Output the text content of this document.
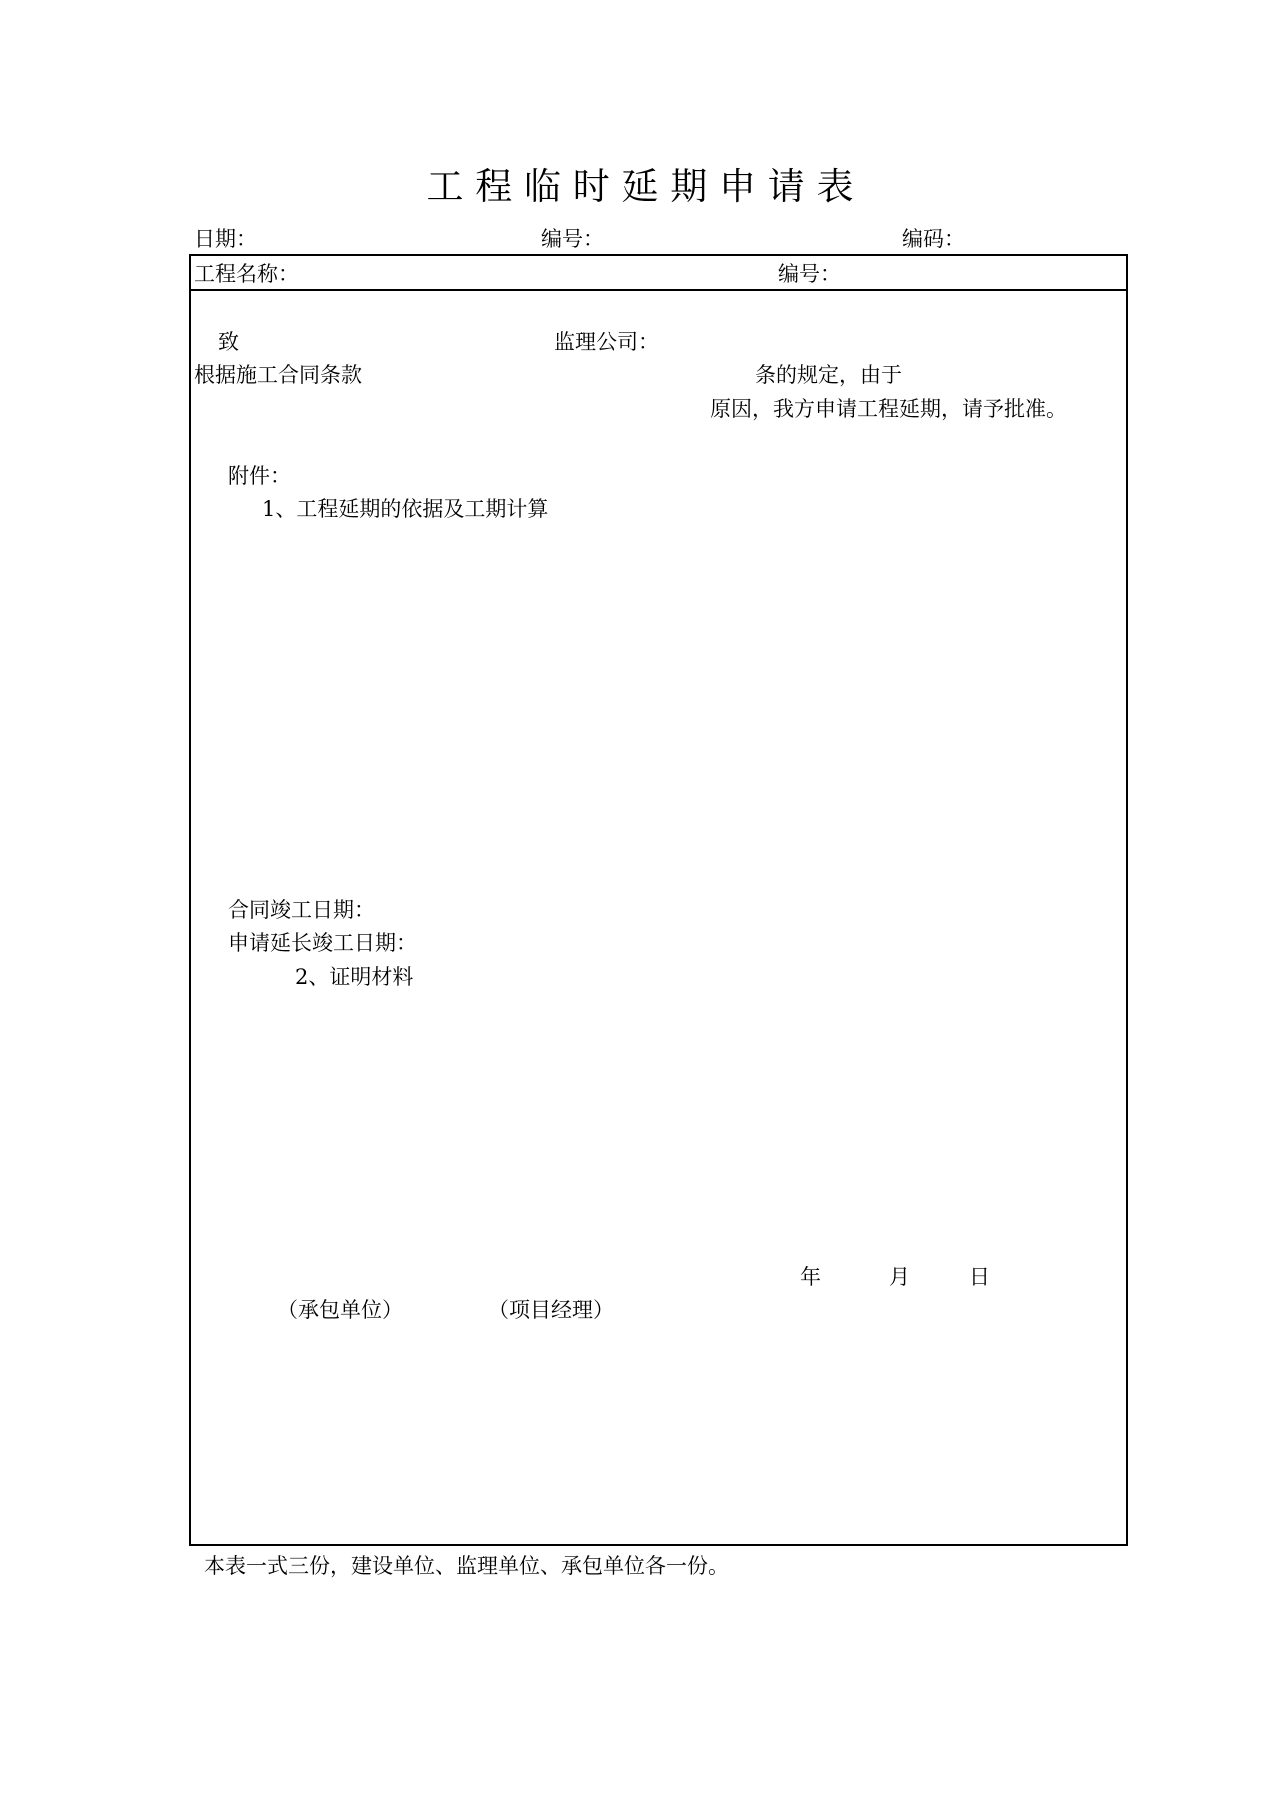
工 程 临 时 延 期 申 请 表
日期：	编号：	编码：
工程名称：	编号：
致	监理公司：
根据施工合同条款	条的规定，由于
原因，我方申请工程延期，请予批准。
附件：
1、工程延期的依据及工期计算
合同竣工日期：
申请延长竣工日期：
2、证明材料
年	月	日
（承包单位）	（项目经理）
本表一式三份，建设单位、监理单位、承包单位各一份。
